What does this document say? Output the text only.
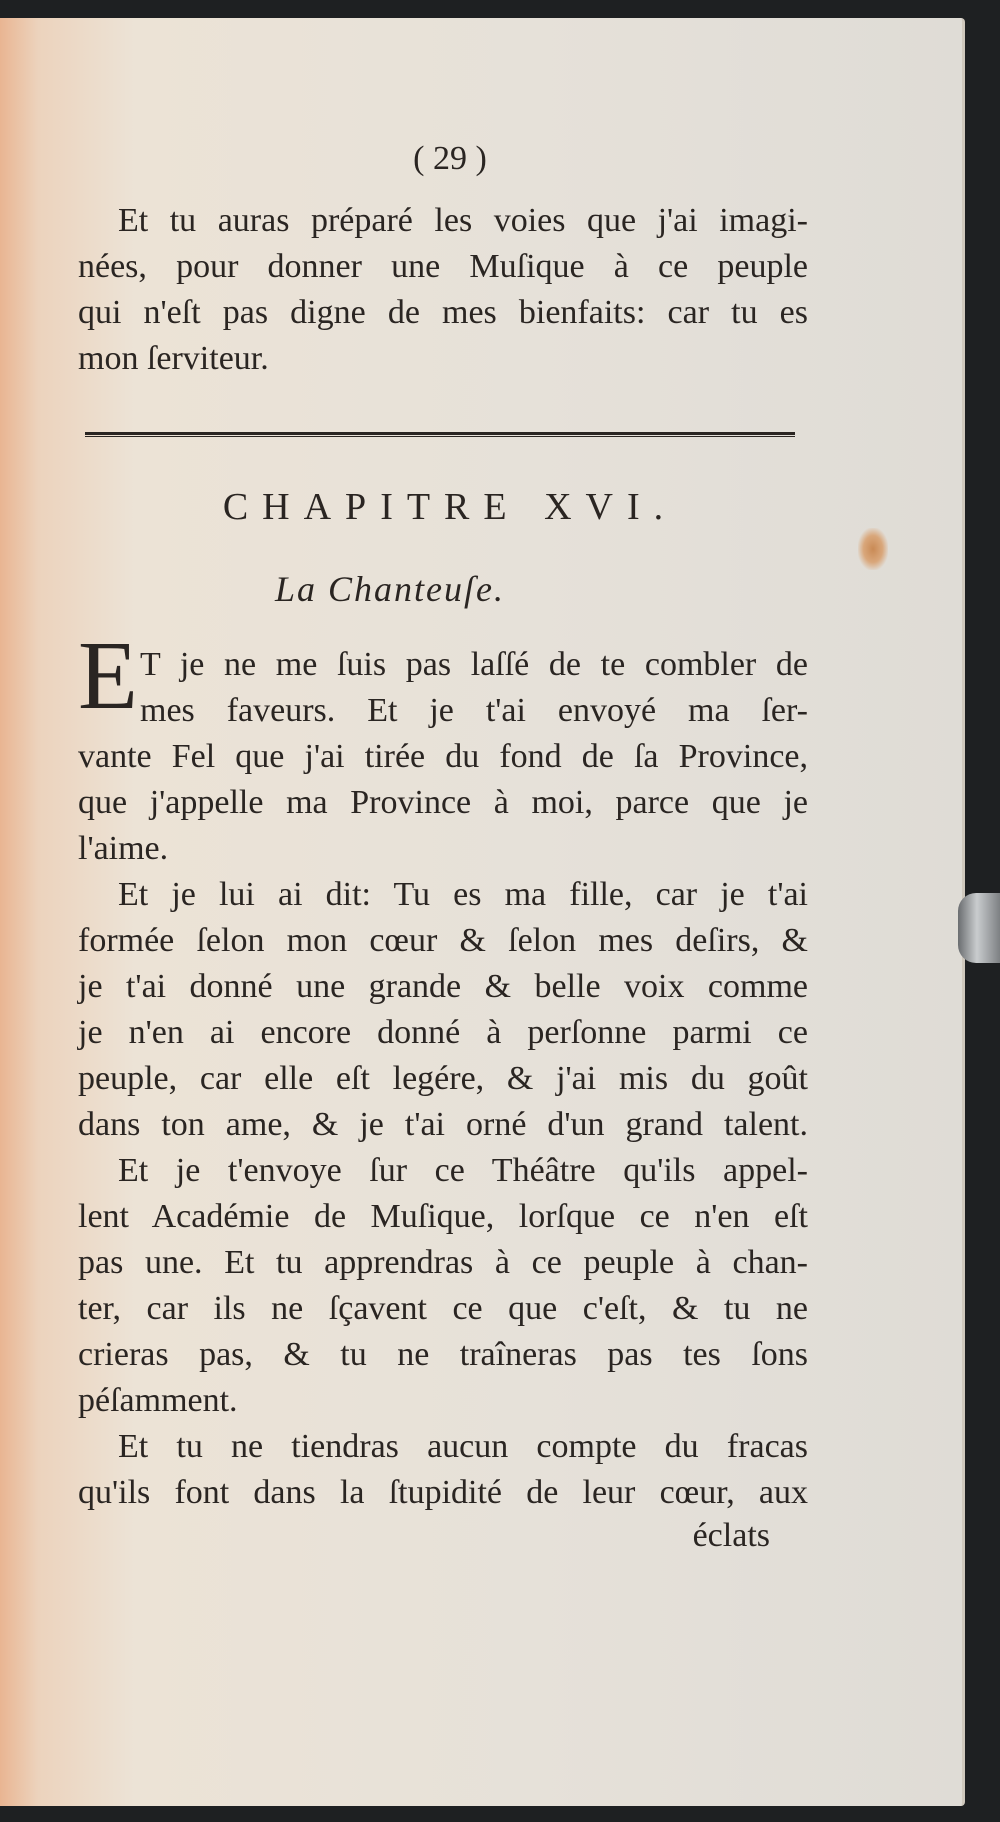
( 29 )
Et tu auras préparé les voies que j'ai imagi-
nées, pour donner une Muſique à ce peuple
qui n'eſt pas digne de mes bienfaits: car tu es
mon ſerviteur.
CHAPITRE XVI.
La Chanteuſe.
E T je ne me ſuis pas laſſé de te combler de
mes faveurs. Et je t'ai envoyé ma ſer-
vante Fel que j'ai tirée du fond de ſa Province,
que j'appelle ma Province à moi, parce que je
l'aime.
Et je lui ai dit: Tu es ma fille, car je t'ai
formée ſelon mon cœur & ſelon mes deſirs, &
je t'ai donné une grande & belle voix comme
je n'en ai encore donné à perſonne parmi ce
peuple, car elle eſt legére, & j'ai mis du goût
dans ton ame, & je t'ai orné d'un grand talent.
Et je t'envoye ſur ce Théâtre qu'ils appel-
lent Académie de Muſique, lorſque ce n'en eſt
pas une. Et tu apprendras à ce peuple à chan-
ter, car ils ne ſçavent ce que c'eſt, & tu ne
crieras pas, & tu ne traîneras pas tes ſons
péſamment.
Et tu ne tiendras aucun compte du fracas
qu'ils font dans la ſtupidité de leur cœur, aux
éclats
